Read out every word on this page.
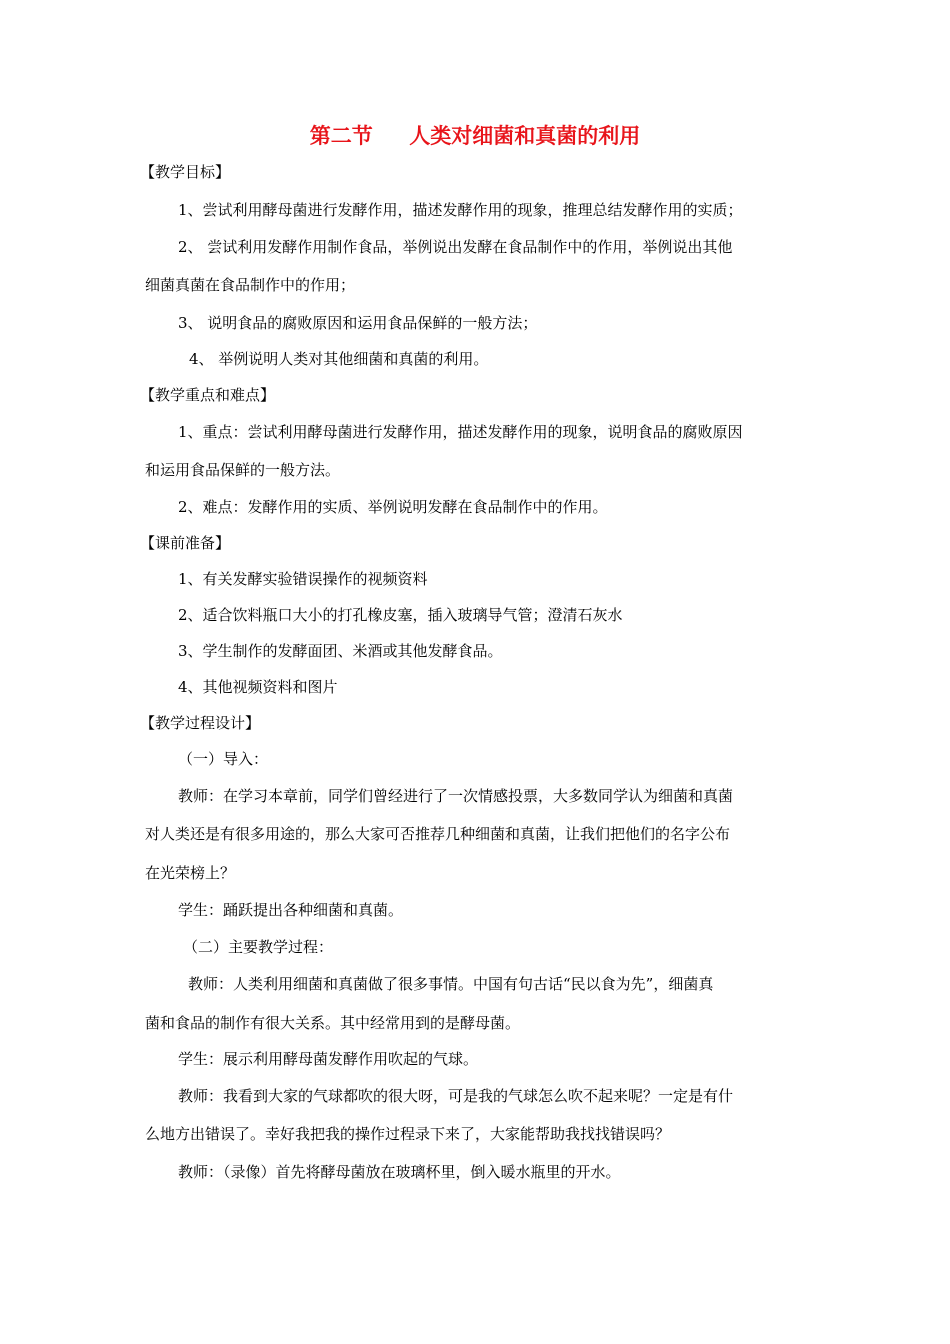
第二节     人类对细菌和真菌的利用
【教学目标】
1、尝试利用酵母菌进行发酵作用，描述发酵作用的现象，推理总结发酵作用的实质；
2、 尝试利用发酵作用制作食品，举例说出发酵在食品制作中的作用，举例说出其他
细菌真菌在食品制作中的作用；
3、 说明食品的腐败原因和运用食品保鲜的一般方法；
4、 举例说明人类对其他细菌和真菌的利用。
【教学重点和难点】
1、重点：尝试利用酵母菌进行发酵作用，描述发酵作用的现象，说明食品的腐败原因
和运用食品保鲜的一般方法。
2、难点：发酵作用的实质、举例说明发酵在食品制作中的作用。
【课前准备】
1、有关发酵实验错误操作的视频资料
2、适合饮料瓶口大小的打孔橡皮塞，插入玻璃导气管；澄清石灰水
3、学生制作的发酵面团、米酒或其他发酵食品。
4、其他视频资料和图片
【教学过程设计】
（一）导入：
教师：在学习本章前，同学们曾经进行了一次情感投票，大多数同学认为细菌和真菌
对人类还是有很多用途的，那么大家可否推荐几种细菌和真菌，让我们把他们的名字公布
在光荣榜上？
学生：踊跃提出各种细菌和真菌。
（二）主要教学过程：
教师：人类利用细菌和真菌做了很多事情。中国有句古话“民以食为先”，细菌真
菌和食品的制作有很大关系。其中经常用到的是酵母菌。
学生：展示利用酵母菌发酵作用吹起的气球。
教师：我看到大家的气球都吹的很大呀，可是我的气球怎么吹不起来呢？一定是有什
么地方出错误了。幸好我把我的操作过程录下来了，大家能帮助我找找错误吗？
教师：（录像）首先将酵母菌放在玻璃杯里，倒入暖水瓶里的开水。
